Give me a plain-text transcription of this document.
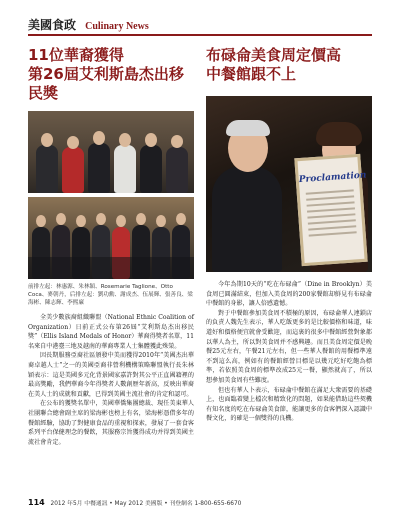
美國食政 Culinary News
11位華裔獲得
第26屆艾利斯島杰出移民獎

前排左起：林惠源、朱林穎、Rosemarie Taglione、Otto Coca、麥朝丹，后排左起：劉功勳、謝成杰、伍展輝、張善良、梁海彬、陳志輝、李熙廉

全美少數族裔組織聯盟（National Ethnic Coalition of Organization）日前正式公布第26屆“艾利斯島杰出移民獎”（Ellis Island Medals of Honor）華裔得獎者名單，11名來自中港臺三地及越南的華裔專業人士集體獲此殊榮。

因長期服務亞裔社區頒發中美而獲得2010年“美國杰出華裔卓越人士”之一的美國亞裔非營利機構策略聯盟執行長朱林穎表示：這是美國多元化背景國家嘉許對其公平正直國籍裡的最高獎勵，我們華裔今年得獎者人數創歷年新高，反映出華裔在美人士的成就和貢獻，已得到美國主流社會的肯定和認可。

在公布的獲獎名單中，美國華僑集團總裁、現任美東華人社團聯合總會副主席的梁海彬也榜上有名，梁海彬憑借多年的餐館經驗，協助了對健康食品的重視和探索，發展了一套食客系列平台保健理念的餐飲，其服務宗旨獲得成功并得到美國主流社會肯定。

布碌侖美食周定價高
中餐館跟不上
Proclamation

今年為期10天的“吃在布碌侖”（Dine in Brooklyn）美食周已圓滿結束，但加入美食周的200家餐館却鮮見有布碌侖中餐館的身影，讓人倍感遺憾。

對于中餐館參加美食周不積極的原因，布碌侖華人連鎖店的負責人魏先生表示，華人吃飯更多的是比較價格和味道，味道好和價格便宜就會受歡迎，而這裏的很多中餐館經營對象都以華人為主，所以對美食周并不感興趣。而且美食周定價是晚餐25元左右，午餐21元左右，但一些華人餐館的用餐標準遠不到這么高，例如有的餐館經營目標是以幾元吃好吃飽為標準，若依照美食周的標準改成25元一餐，顯然就高了，所以想參加美食周有些難度。

但也有華人卜表示，布碌侖中餐館在滿足大衆需要的基礎上，也面臨着變上檔次和精致化的問題，如果能借助這些契機有知名度的吃在布碌侖美食節，能讓更多的食客們深入認識中餐文化，的確是一個雙得的良機。

114 2012 年5月 中餐通訊 • May 2012 美國版 • 刊登網名 1-800-655-6670
